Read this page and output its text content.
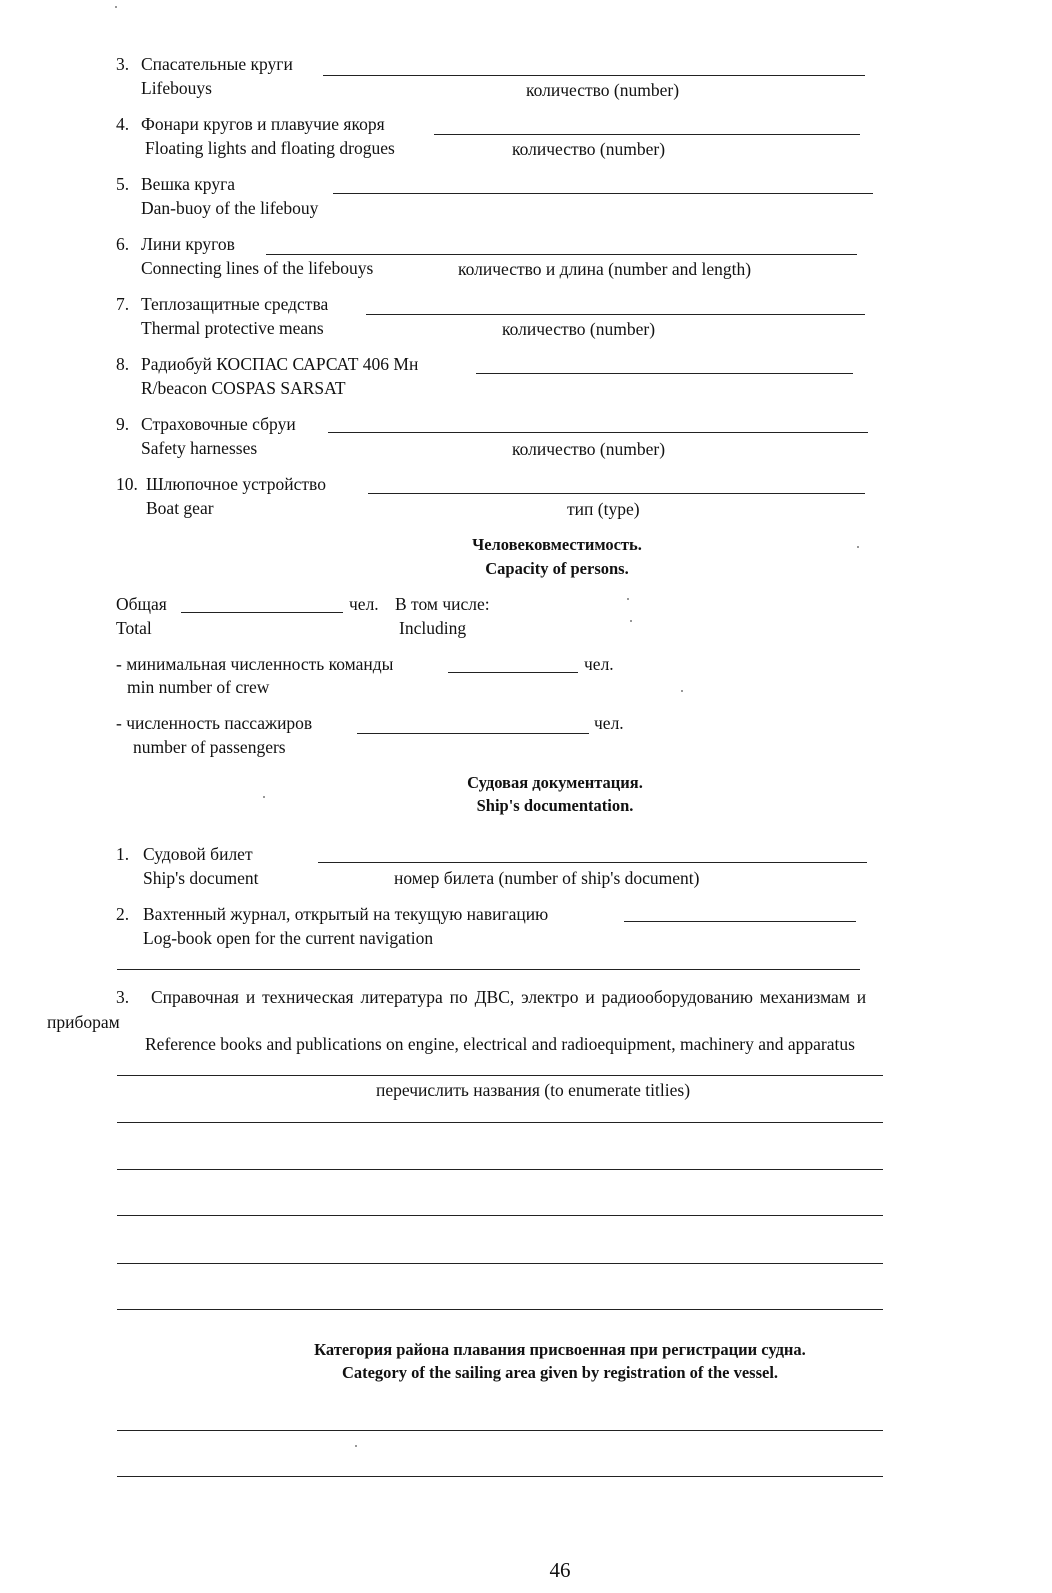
3. Спасательные круги
Lifebouys	количество (number)
4. Фонари кругов и плавучие якоря
Floating lights and floating drogues	количество (number)
5. Вешка круга
Dan-buoy of the lifebouy
6. Лини кругов
Connecting lines of the lifebouys	количество и длина (number and length)
7. Теплозащитные средства
Thermal protective means	количество (number)
8. Радиобуй КОСПАС САРСАТ 406 Мн
R/beacon COSPAS SARSAT
9. Страховочные сбруи
Safety harnesses	количество (number)
10. Шлюпочное устройство
Boat gear	тип (type)
Человековместимость.
Capacity of persons.
Общая	чел. В том числе:
Total	Including
- минимальная численность команды	чел.
min number of crew
- численность пассажиров	чел.
number of passengers
Судовая документация.
Ship's documentation.
1. Судовой билет
Ship's document	номер билета (number of ship's document)
2. Вахтенный журнал, открытый на текущую навигацию
Log-book open for the current navigation
3. Справочная и техническая литература по ДВС, электро и радиооборудованию механизмам и
приборам
Reference books and publications on engine, electrical and radioequipment, machinery and apparatus
перечислить названия (to enumerate titlies)
Категория района плавания присвоенная при регистрации судна.
Category of the sailing area given by registration of the vessel.
46
